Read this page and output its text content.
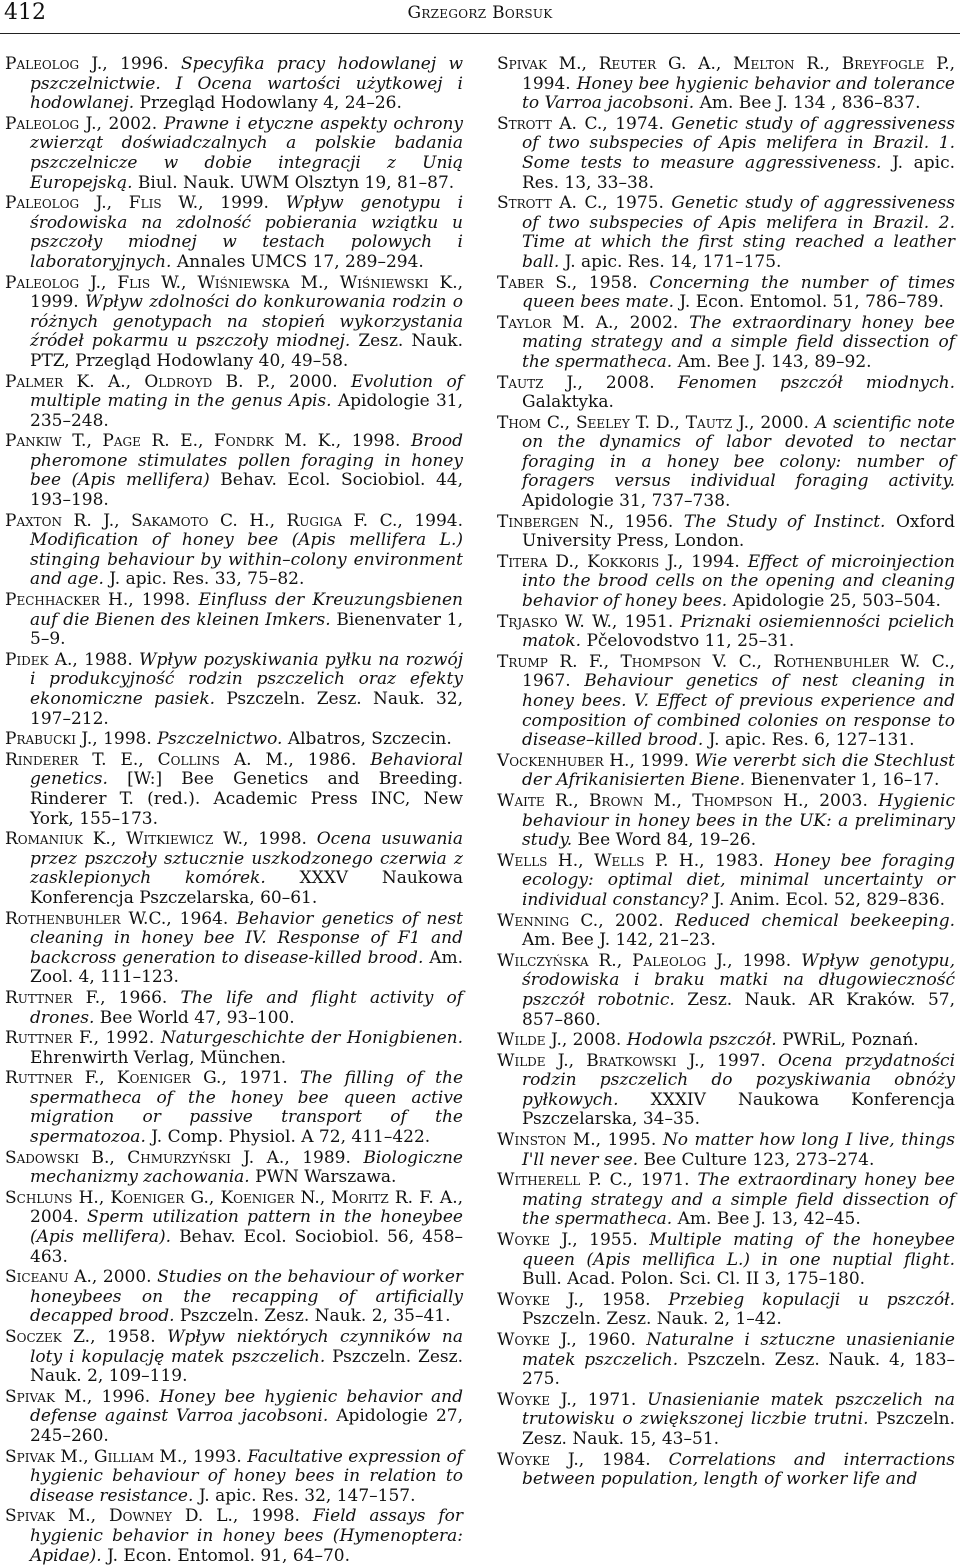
412	Grzegorz Borsuk

Paleolog J., 1996. Specyfika pracy hodowlanej w pszczelnictwie. I Ocena wartości użytkowej i hodowlanej. Przegląd Hodowlany 4, 24–26.

Paleolog J., 2002. Prawne i etyczne aspekty ochrony zwierząt doświadczalnych a polskie badania pszczelnicze w dobie integracji z Unią Europejską. Biul. Nauk. UWM Olsztyn 19, 81–87.

Paleolog J., Flis W., 1999. Wpływ genotypu i środowiska na zdolność pobierania wziątku u pszczoły miodnej w testach polowych i laboratoryjnych. Annales UMCS 17, 289–294.

Paleolog J., Flis W., Wiśniewska M., Wiśniewski K., 1999. Wpływ zdolności do konkurowania rodzin o różnych genotypach na stopień wykorzystania źródeł pokarmu u pszczoły miodnej. Zesz. Nauk. PTZ, Przegląd Hodowlany 40, 49–58.

Palmer K. A., Oldroyd B. P., 2000. Evolution of multiple mating in the genus Apis. Apidologie 31, 235–248.

Pankiw T., Page R. E., Fondrk M. K., 1998. Brood pheromone stimulates pollen foraging in honey bee (Apis mellifera) Behav. Ecol. Sociobiol. 44, 193–198.

Paxton R. J., Sakamoto C. H., Rugiga F. C., 1994. Modification of honey bee (Apis mellifera L.) stinging behaviour by within–colony environment and age. J. apic. Res. 33, 75–82.

Pechhacker H., 1998. Einfluss der Kreuzungsbienen auf die Bienen des kleinen Imkers. Bienenvater 1, 5–9.

Pidek A., 1988. Wpływ pozyskiwania pyłku na rozwój i produkcyjność rodzin pszczelich oraz efekty ekonomiczne pasiek. Pszczeln. Zesz. Nauk. 32, 197–212.

Prabucki J., 1998. Pszczelnictwo. Albatros, Szczecin.

Rinderer T. E., Collins A. M., 1986. Behavioral genetics. [W:] Bee Genetics and Breeding. Rinderer T. (red.). Academic Press INC, New York, 155–173.

Romaniuk K., Witkiewicz W., 1998. Ocena usuwania przez pszczoły sztucznie uszkodzonego czerwia z zasklepionych komórek. XXXV Naukowa Konferencja Pszczelarska, 60–61.

Rothenbuhler W.C., 1964. Behavior genetics of nest cleaning in honey bee IV. Response of F1 and backcross generation to disease-killed brood. Am. Zool. 4, 111–123.

Ruttner F., 1966. The life and flight activity of drones. Bee World 47, 93–100.

Ruttner F., 1992. Naturgeschichte der Honigbienen. Ehrenwirth Verlag, München.

Ruttner F., Koeniger G., 1971. The filling of the spermatheca of the honey bee queen active migration or passive transport of the spermatozoa. J. Comp. Physiol. A 72, 411–422.

Sadowski B., Chmurzyński J. A., 1989. Biologiczne mechanizmy zachowania. PWN Warszawa.

Schluns H., Koeniger G., Koeniger N., Moritz R. F. A., 2004. Sperm utilization pattern in the honeybee (Apis mellifera). Behav. Ecol. Sociobiol. 56, 458–463.

Siceanu A., 2000. Studies on the behaviour of worker honeybees on the recapping of artificially decapped brood. Pszczeln. Zesz. Nauk. 2, 35–41.

Soczek Z., 1958. Wpływ niektórych czynników na loty i kopulację matek pszczelich. Pszczeln. Zesz. Nauk. 2, 109–119.

Spivak M., 1996. Honey bee hygienic behavior and defense against Varroa jacobsoni. Apidologie 27, 245–260.

Spivak M., Gilliam M., 1993. Facultative expression of hygienic behaviour of honey bees in relation to disease resistance. J. apic. Res. 32, 147–157.

Spivak M., Downey D. L., 1998. Field assays for hygienic behavior in honey bees (Hymenoptera: Apidae). J. Econ. Entomol. 91, 64–70.

Spivak M., Reuter G. A., Melton R., Breyfogle P., 1994. Honey bee hygienic behavior and tolerance to Varroa jacobsoni. Am. Bee J. 134 , 836–837.

Strott A. C., 1974. Genetic study of aggressiveness of two subspecies of Apis melifera in Brazil. 1. Some tests to measure aggressiveness. J. apic. Res. 13, 33–38.

Strott A. C., 1975. Genetic study of aggressiveness of two subspecies of Apis melifera in Brazil. 2. Time at which the first sting reached a leather ball. J. apic. Res. 14, 171–175.

Taber S., 1958. Concerning the number of times queen bees mate. J. Econ. Entomol. 51, 786–789.

Taylor M. A., 2002. The extraordinary honey bee mating strategy and a simple field dissection of the spermatheca. Am. Bee J. 143, 89–92.

Tautz J., 2008. Fenomen pszczół miodnych. Galaktyka.

Thom C., Seeley T. D., Tautz J., 2000. A scientific note on the dynamics of labor devoted to nectar foraging in a honey bee colony: number of foragers versus individual foraging activity. Apidologie 31, 737–738.

Tinbergen N., 1956. The Study of Instinct. Oxford University Press, London.

Titera D., Kokkoris J., 1994. Effect of microinjection into the brood cells on the opening and cleaning behavior of honey bees. Apidologie 25, 503–504.

Trjasko W. W., 1951. Priznaki osiemienności pcielich matok. Pčelovodstvo 11, 25–31.

Trump R. F., Thompson V. C., Rothenbuhler W. C., 1967. Behaviour genetics of nest cleaning in honey bees. V. Effect of previous experience and composition of combined colonies on response to disease–killed brood. J. apic. Res. 6, 127–131.

Vockenhuber H., 1999. Wie vererbt sich die Stechlust der Afrikanisierten Biene. Bienenvater 1, 16–17.

Waite R., Brown M., Thompson H., 2003. Hygienic behaviour in honey bees in the UK: a preliminary study. Bee Word 84, 19–26.

Wells H., Wells P. H., 1983. Honey bee foraging ecology: optimal diet, minimal uncertainty or individual constancy? J. Anim. Ecol. 52, 829–836.

Wenning C., 2002. Reduced chemical beekeeping. Am. Bee J. 142, 21–23.

Wilczyńska R., Paleolog J., 1998. Wpływ genotypu, środowiska i braku matki na długowieczność pszczół robotnic. Zesz. Nauk. AR Kraków. 57, 857–860.

Wilde J., 2008. Hodowla pszczół. PWRiL, Poznań.

Wilde J., Bratkowski J., 1997. Ocena przydatności rodzin pszczelich do pozyskiwania obnóży pyłkowych. XXXIV Naukowa Konferencja Pszczelarska, 34–35.

Winston M., 1995. No matter how long I live, things I'll never see. Bee Culture 123, 273–274.

Witherell P. C., 1971. The extraordinary honey bee mating strategy and a simple field dissection of the spermatheca. Am. Bee J. 13, 42–45.

Woyke J., 1955. Multiple mating of the honeybee queen (Apis mellifica L.) in one nuptial flight. Bull. Acad. Polon. Sci. Cl. II 3, 175–180.

Woyke J., 1958. Przebieg kopulacji u pszczół. Pszczeln. Zesz. Nauk. 2, 1–42.

Woyke J., 1960. Naturalne i sztuczne unasienianie matek pszczelich. Pszczeln. Zesz. Nauk. 4, 183–275.

Woyke J., 1971. Unasienianie matek pszczelich na trutowisku o zwiększonej liczbie trutni. Pszczeln. Zesz. Nauk. 15, 43–51.

Woyke J., 1984. Correlations and interractions between population, length of worker life and
